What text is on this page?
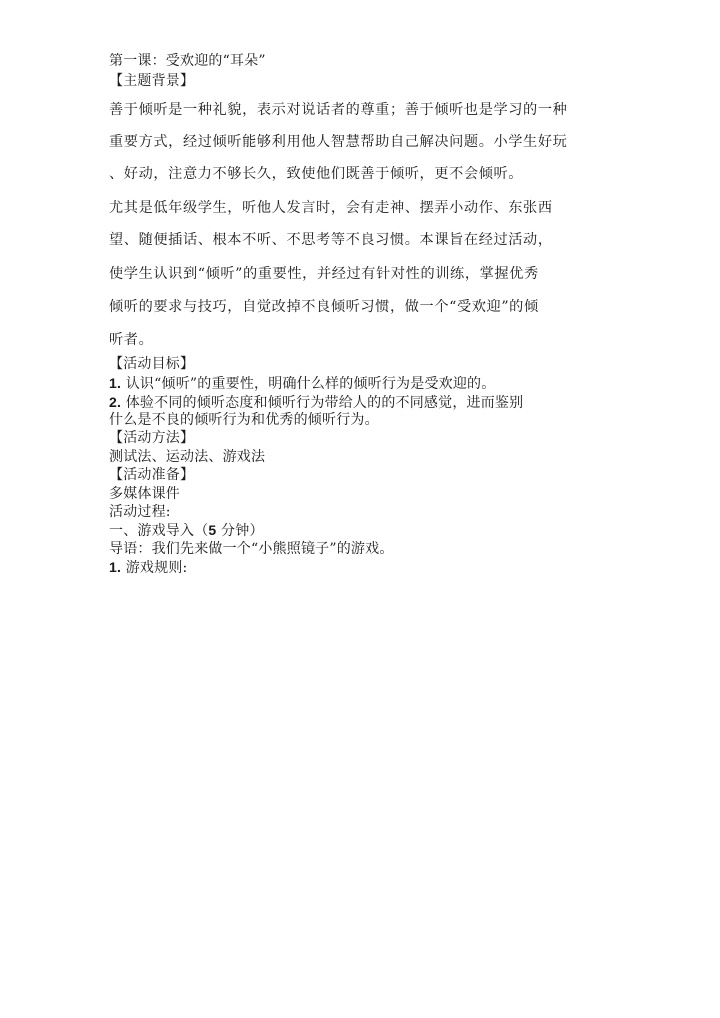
第一课：受欢迎的“耳朵”
【主题背景】
善于倾听是一种礼貌，表示对说话者的尊重；善于倾听也是学习的一种
重要方式，经过倾听能够利用他人智慧帮助自己解决问题。小学生好玩
、好动，注意力不够长久，致使他们既善于倾听，更不会倾听。
尤其是低年级学生，听他人发言时，会有走神、摆弄小动作、东张西
望、随便插话、根本不听、不思考等不良习惯。本课旨在经过活动，
使学生认识到“倾听”的重要性，并经过有针对性的训练，掌握优秀
倾听的要求与技巧，自觉改掉不良倾听习惯，做一个“受欢迎”的倾
听者。
【活动目标】
1. 认识“倾听”的重要性，明确什么样的倾听行为是受欢迎的。
2. 体验不同的倾听态度和倾听行为带给人的的不同感觉，进而鉴别
什么是不良的倾听行为和优秀的倾听行为。
【活动方法】
测试法、运动法、游戏法
【活动准备】
多媒体课件
活动过程:
一、游戏导入（5 分钟）
导语：我们先来做一个“小熊照镜子”的游戏。
1. 游戏规则:
